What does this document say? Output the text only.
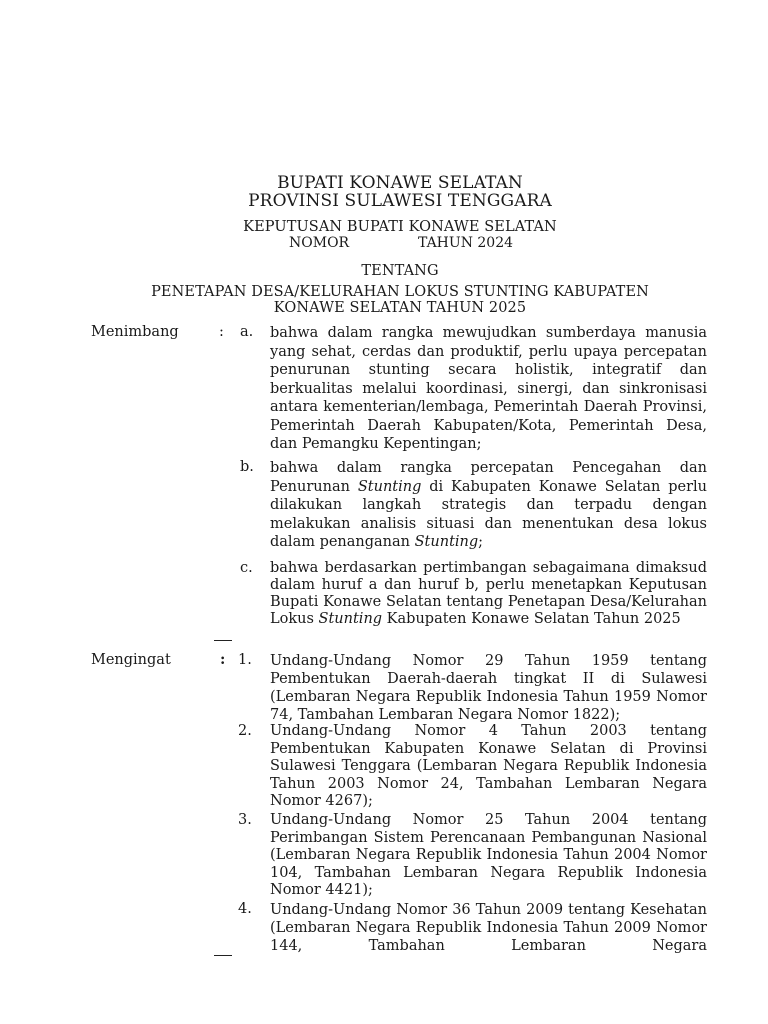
BUPATI KONAWE SELATAN
PROVINSI SULAWESI TENGGARA
KEPUTUSAN BUPATI KONAWE SELATAN
NOMOR	TAHUN 2024
TENTANG
PENETAPAN DESA/KELURAHAN LOKUS STUNTING KABUPATEN
KONAWE SELATAN TAHUN 2025
Menimbang	: a. bahwa dalam rangka mewujudkan sumberdaya manusia yang sehat, cerdas dan produktif, perlu upaya percepatan penurunan stunting secara holistik, integratif dan berkualitas melalui koordinasi, sinergi, dan sinkronisasi antara kementerian/lembaga, Pemerintah Daerah Provinsi, Pemerintah Daerah Kabupaten/Kota, Pemerintah Desa, dan Pemangku Kepentingan;
b. bahwa dalam rangka percepatan Pencegahan dan Penurunan Stunting di Kabupaten Konawe Selatan perlu dilakukan langkah strategis dan terpadu dengan melakukan analisis situasi dan menentukan desa lokus dalam penanganan Stunting;
c. bahwa berdasarkan pertimbangan sebagaimana dimaksud dalam huruf a dan huruf b, perlu menetapkan Keputusan Bupati Konawe Selatan tentang Penetapan Desa/Kelurahan Lokus Stunting Kabupaten Konawe Selatan Tahun 2025
Mengingat	: 1. Undang-Undang Nomor 29 Tahun 1959 tentang Pembentukan Daerah-daerah tingkat II di Sulawesi (Lembaran Negara Republik Indonesia Tahun 1959 Nomor 74, Tambahan Lembaran Negara Nomor 1822);
2. Undang-Undang Nomor 4 Tahun 2003 tentang Pembentukan Kabupaten Konawe Selatan di Provinsi Sulawesi Tenggara (Lembaran Negara Republik Indonesia Tahun 2003 Nomor 24, Tambahan Lembaran Negara Nomor 4267);
3. Undang-Undang Nomor 25 Tahun 2004 tentang Perimbangan Sistem Perencanaan Pembangunan Nasional (Lembaran Negara Republik Indonesia Tahun 2004 Nomor 104, Tambahan Lembaran Negara Republik Indonesia Nomor 4421);
4. Undang-Undang Nomor 36 Tahun 2009 tentang Kesehatan (Lembaran Negara Republik Indonesia Tahun 2009 Nomor 144, Tambahan Lembaran Negara
